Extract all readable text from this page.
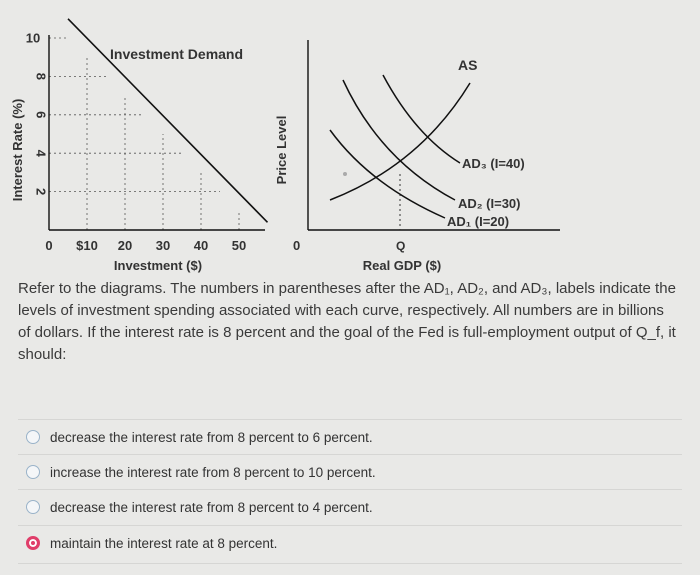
Interest Rate (%)
10
8
6
4
2
0 $10 20 30 40 50
Investment Demand
Investment ($)
Price Level
0	Q
AS
AD₃ (I=40)
AD₂ (I=30)
AD₁ (I=20)
Real GDP ($)
Refer to the diagrams. The numbers in parentheses after the AD₁, AD₂, and AD₃, labels indicate the
levels of investment spending associated with each curve, respectively. All numbers are in billions
of dollars. If the interest rate is 8 percent and the goal of the Fed is full-employment output of Q_f, it
should:
decrease the interest rate from 8 percent to 6 percent.
increase the interest rate from 8 percent to 10 percent.
decrease the interest rate from 8 percent to 4 percent.
maintain the interest rate at 8 percent.
